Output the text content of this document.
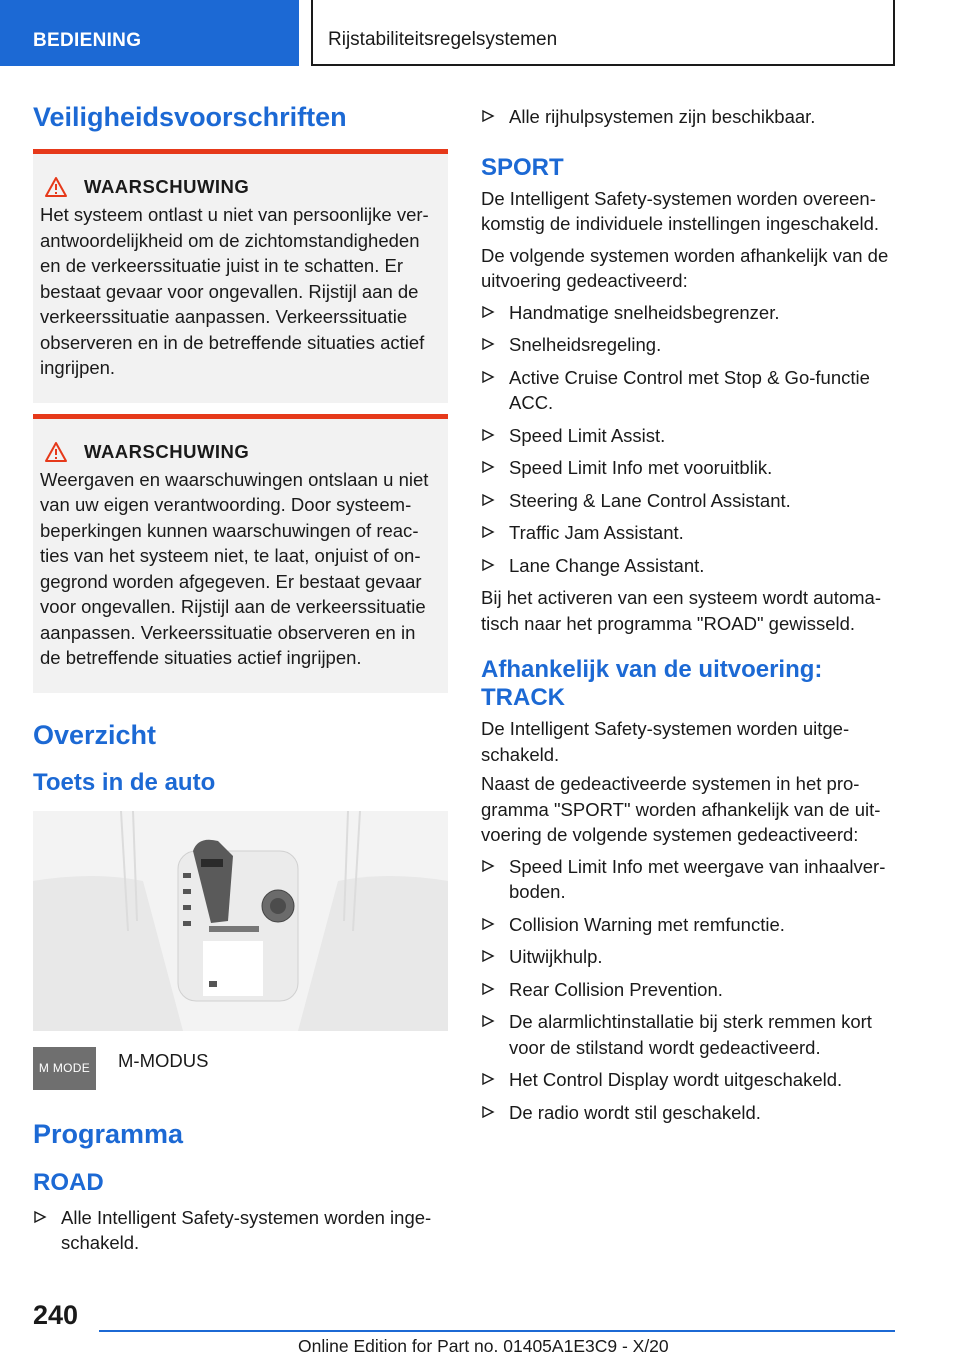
BEDIENING	Rijstabiliteitsregelsystemen
Veiligheidsvoorschriften
WAARSCHUWING

Het systeem ontlast u niet van persoonlijke verantwoordelijkheid om de zichtomstandigheden en de verkeerssituatie juist in te schatten. Er bestaat gevaar voor ongevallen. Rijstijl aan de verkeerssituatie aanpassen. Verkeerssituatie observeren en in de betreffende situaties actief ingrijpen.

WAARSCHUWING

Weergaven en waarschuwingen ontslaan u niet van uw eigen verantwoording. Door systeembeperkingen kunnen waarschuwingen of reacties van het systeem niet, te laat, onjuist of ongegrond worden afgegeven. Er bestaat gevaar voor ongevallen. Rijstijl aan de verkeerssituatie aanpassen. Verkeerssituatie observeren en in de betreffende situaties actief ingrijpen.

Overzicht
Toets in de auto
M MODE	M-MODUS
Programma
ROAD
Alle Intelligent Safety-systemen worden ingeschakeld.
Alle rijhulpsystemen zijn beschikbaar.
SPORT

De Intelligent Safety-systemen worden overeenkomstig de individuele instellingen ingeschakeld.

De volgende systemen worden afhankelijk van de uitvoering gedeactiveerd:

Handmatige snelheidsbegrenzer.
Snelheidsregeling.
Active Cruise Control met Stop & Go-functie ACC.
Speed Limit Assist.
Speed Limit Info met vooruitblik.
Steering & Lane Control Assistant.
Traffic Jam Assistant.
Lane Change Assistant.

Bij het activeren van een systeem wordt automatisch naar het programma "ROAD" gewisseld.

Afhankelijk van de uitvoering: TRACK

De Intelligent Safety-systemen worden uitgeschakeld.

Naast de gedeactiveerde systemen in het programma "SPORT" worden afhankelijk van de uitvoering de volgende systemen gedeactiveerd:

Speed Limit Info met weergave van inhaalverboden.
Collision Warning met remfunctie.
Uitwijkhulp.
Rear Collision Prevention.
De alarmlichtinstallatie bij sterk remmen kort voor de stilstand wordt gedeactiveerd.
Het Control Display wordt uitgeschakeld.
De radio wordt stil geschakeld.
240
Online Edition for Part no. 01405A1E3C9 - X/20
